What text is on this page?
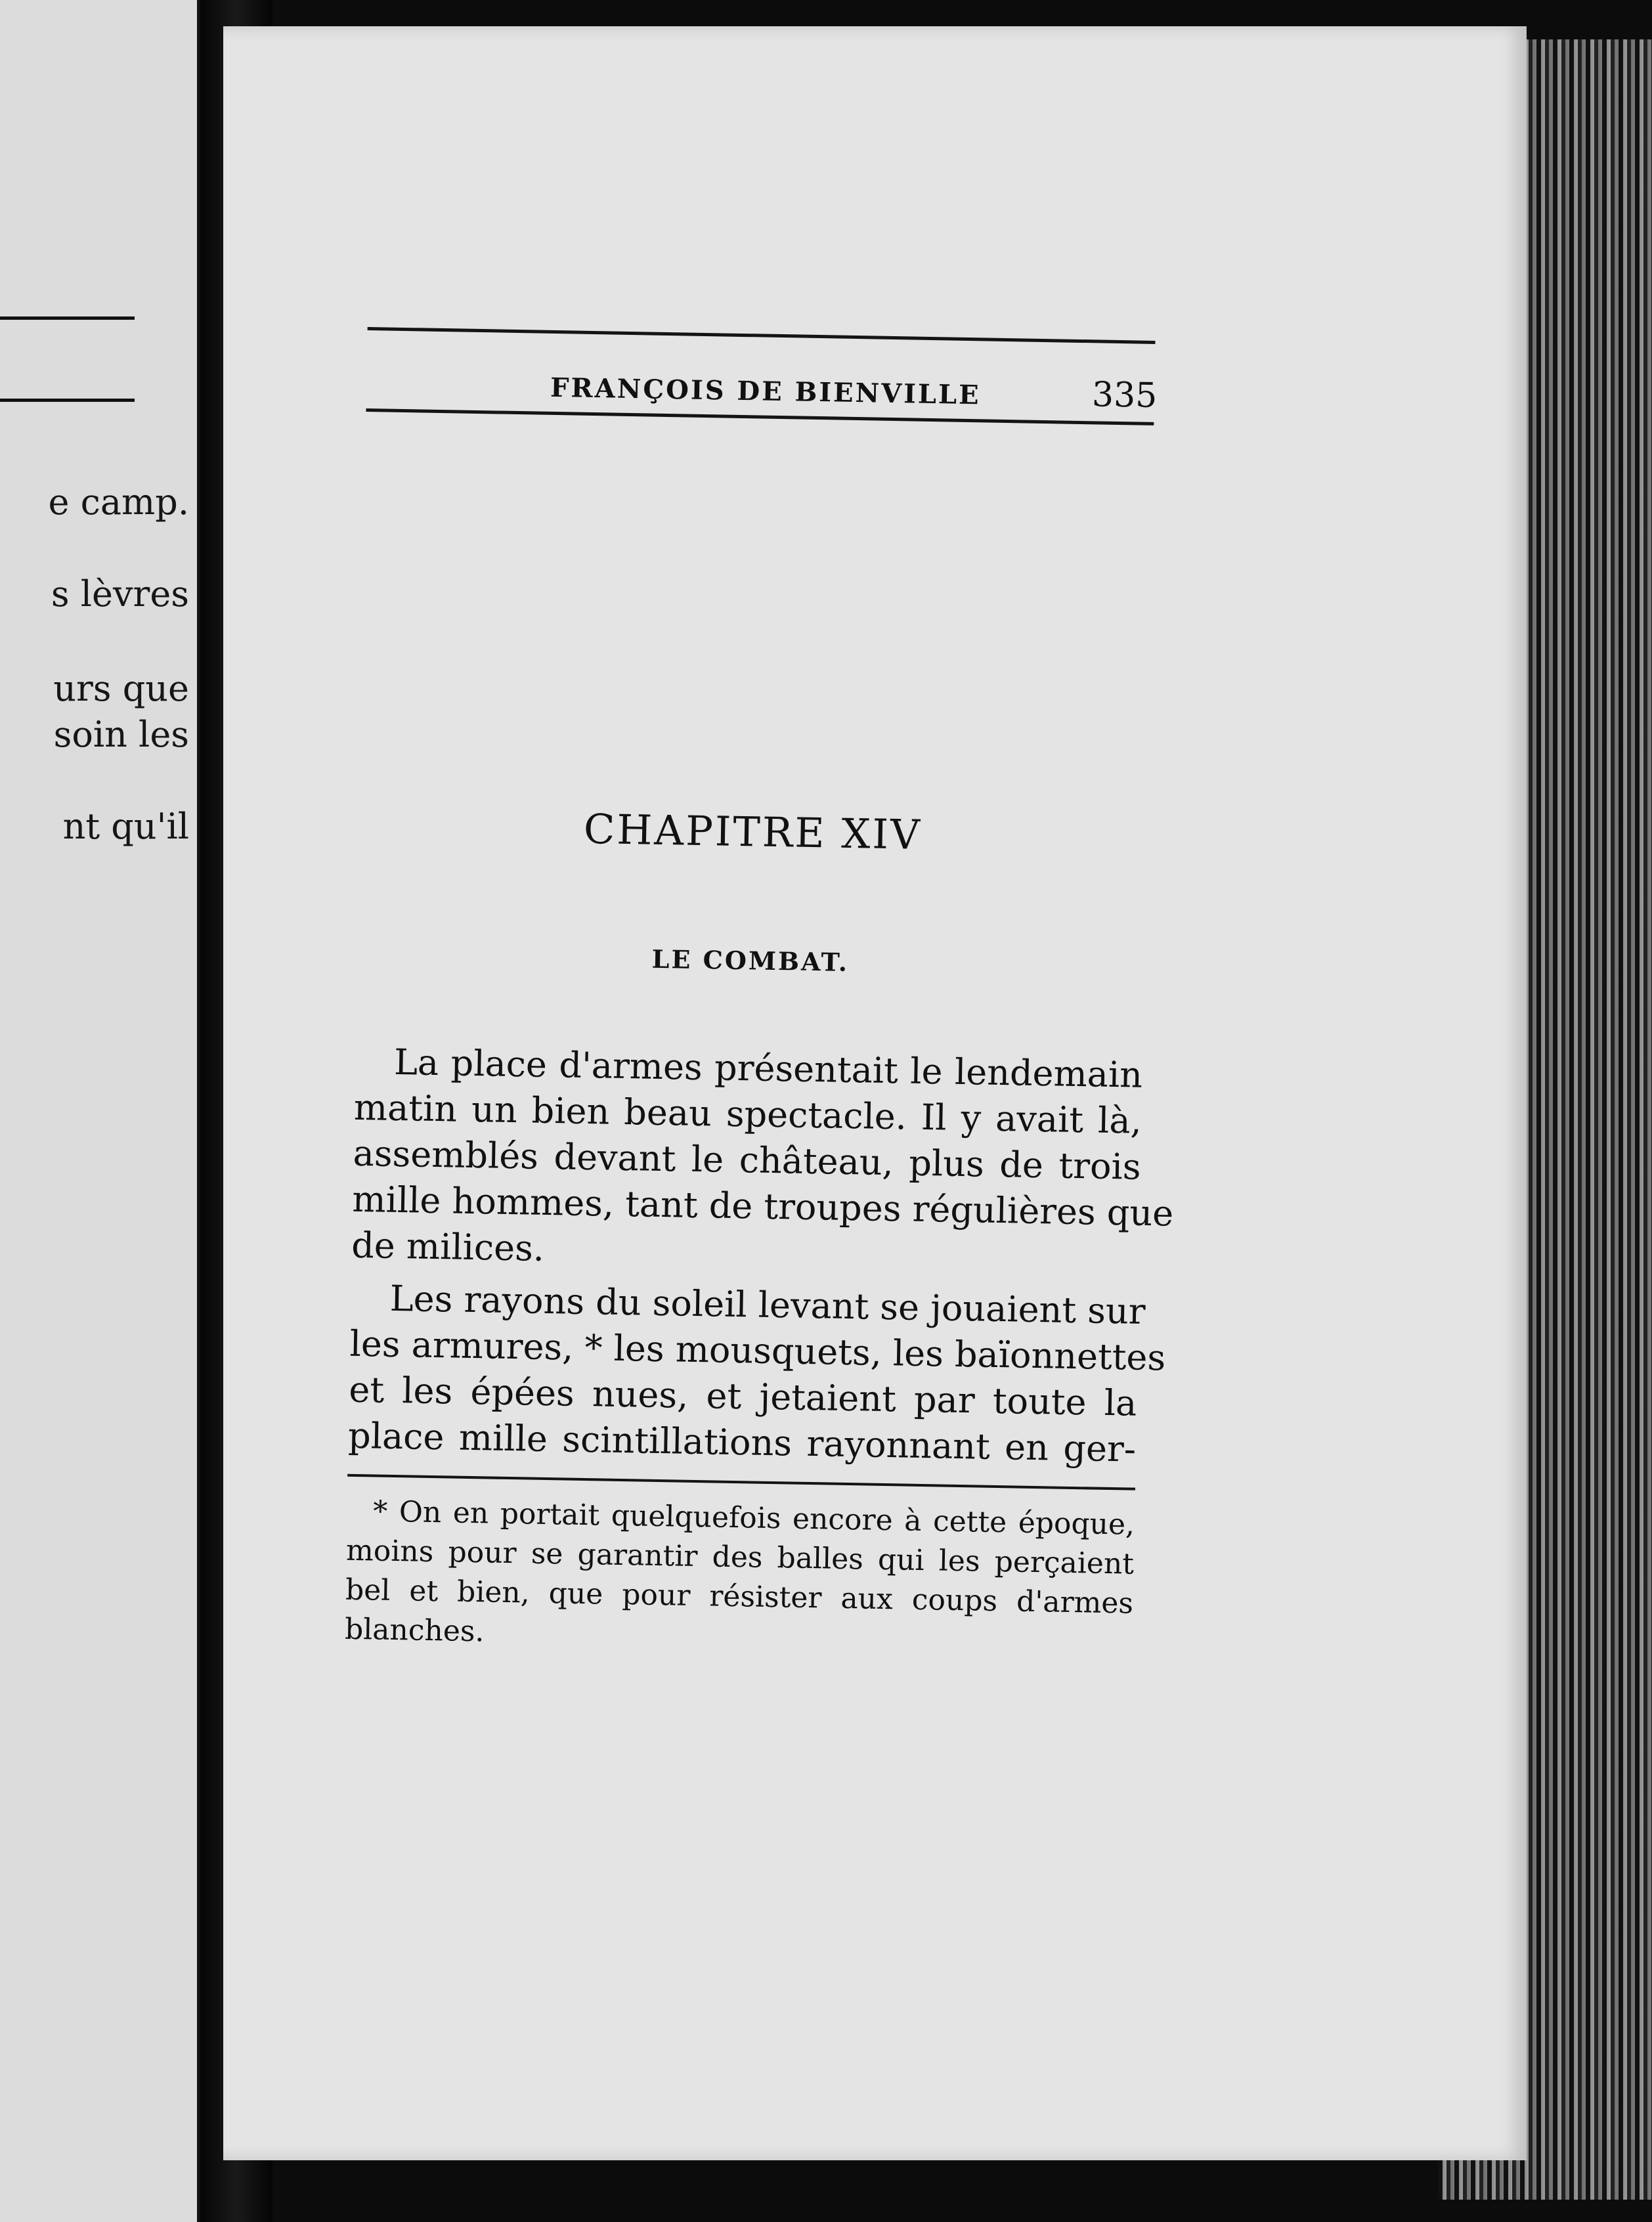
e camp.
s lèvres
urs que
soin les
nt qu'il
FRANÇOIS DE BIENVILLE	335
CHAPITRE XIV
LE COMBAT.
La place d'armes présentait le lendemain
matin un bien beau spectacle. Il y avait là,
assemblés devant le château, plus de trois
mille hommes, tant de troupes régulières que
de milices.
Les rayons du soleil levant se jouaient sur
les armures, * les mousquets, les baïonnettes
et les épées nues, et jetaient par toute la
place mille scintillations rayonnant en ger-
* On en portait quelquefois encore à cette époque,
moins pour se garantir des balles qui les perçaient
bel et bien, que pour résister aux coups d'armes
blanches.
